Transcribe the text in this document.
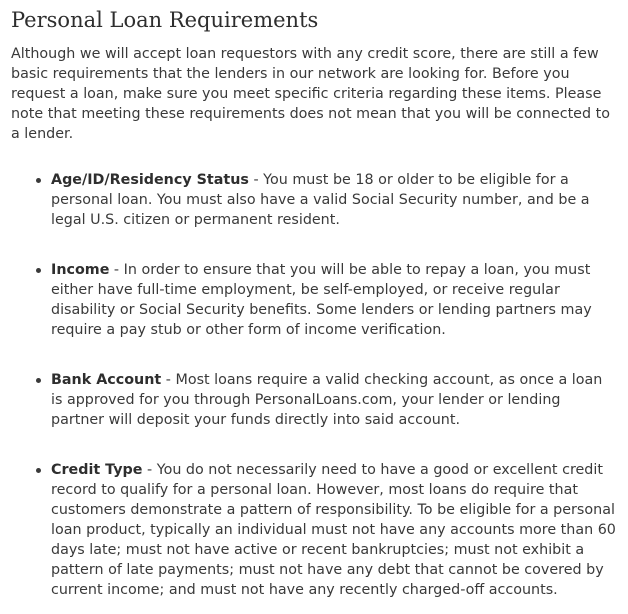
Personal Loan Requirements

Although we will accept loan requestors with any credit score, there are still a few basic requirements that the lenders in our network are looking for. Before you request a loan, make sure you meet specific criteria regarding these items. Please note that meeting these requirements does not mean that you will be connected to a lender.

Age/ID/Residency Status - You must be 18 or older to be eligible for a personal loan. You must also have a valid Social Security number, and be a legal U.S. citizen or permanent resident.
Income - In order to ensure that you will be able to repay a loan, you must either have full-time employment, be self-employed, or receive regular disability or Social Security benefits. Some lenders or lending partners may require a pay stub or other form of income verification.
Bank Account - Most loans require a valid checking account, as once a loan is approved for you through PersonalLoans.com, your lender or lending partner will deposit your funds directly into said account.
Credit Type - You do not necessarily need to have a good or excellent credit record to qualify for a personal loan. However, most loans do require that customers demonstrate a pattern of responsibility. To be eligible for a personal loan product, typically an individual must not have any accounts more than 60 days late; must not have active or recent bankruptcies; must not exhibit a pattern of late payments; must not have any debt that cannot be covered by current income; and must not have any recently charged-off accounts.
